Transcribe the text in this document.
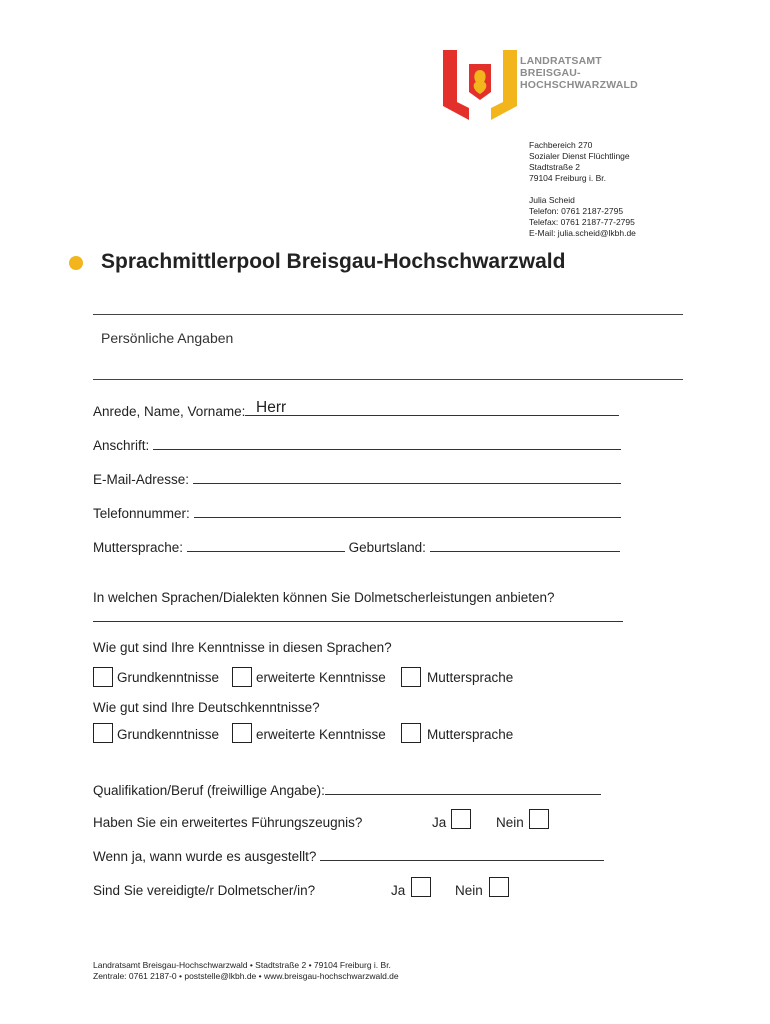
LANDRATSAMT
BREISGAU-
HOCHSCHWARZWALD
Fachbereich 270
Sozialer Dienst Flüchtlinge
Stadtstraße 2
79104 Freiburg i. Br.
Julia Scheid
Telefon: 0761 2187-2795
Telefax: 0761 2187-77-2795
E-Mail: julia.scheid@lkbh.de
Sprachmittlerpool Breisgau-Hochschwarzwald
Persönliche Angaben
Anrede, Name, Vorname: Herr
Anschrift:
E-Mail-Adresse:
Telefonnummer:
Muttersprache:	Geburtsland:
In welchen Sprachen/Dialekten können Sie Dolmetscherleistungen anbieten?
Wie gut sind Ihre Kenntnisse in diesen Sprachen?
Grundkenntnisse	erweiterte Kenntnisse	Muttersprache
Wie gut sind Ihre Deutschkenntnisse?
Grundkenntnisse	erweiterte Kenntnisse	Muttersprache
Qualifikation/Beruf (freiwillige Angabe):
Haben Sie ein erweitertes Führungszeugnis?	Ja	Nein
Wenn ja, wann wurde es ausgestellt?
Sind Sie vereidigte/r Dolmetscher/in?	Ja	Nein
Landratsamt Breisgau-Hochschwarzwald • Stadtstraße 2 • 79104 Freiburg i. Br.
Zentrale: 0761 2187-0 • poststelle@lkbh.de • www.breisgau-hochschwarzwald.de
